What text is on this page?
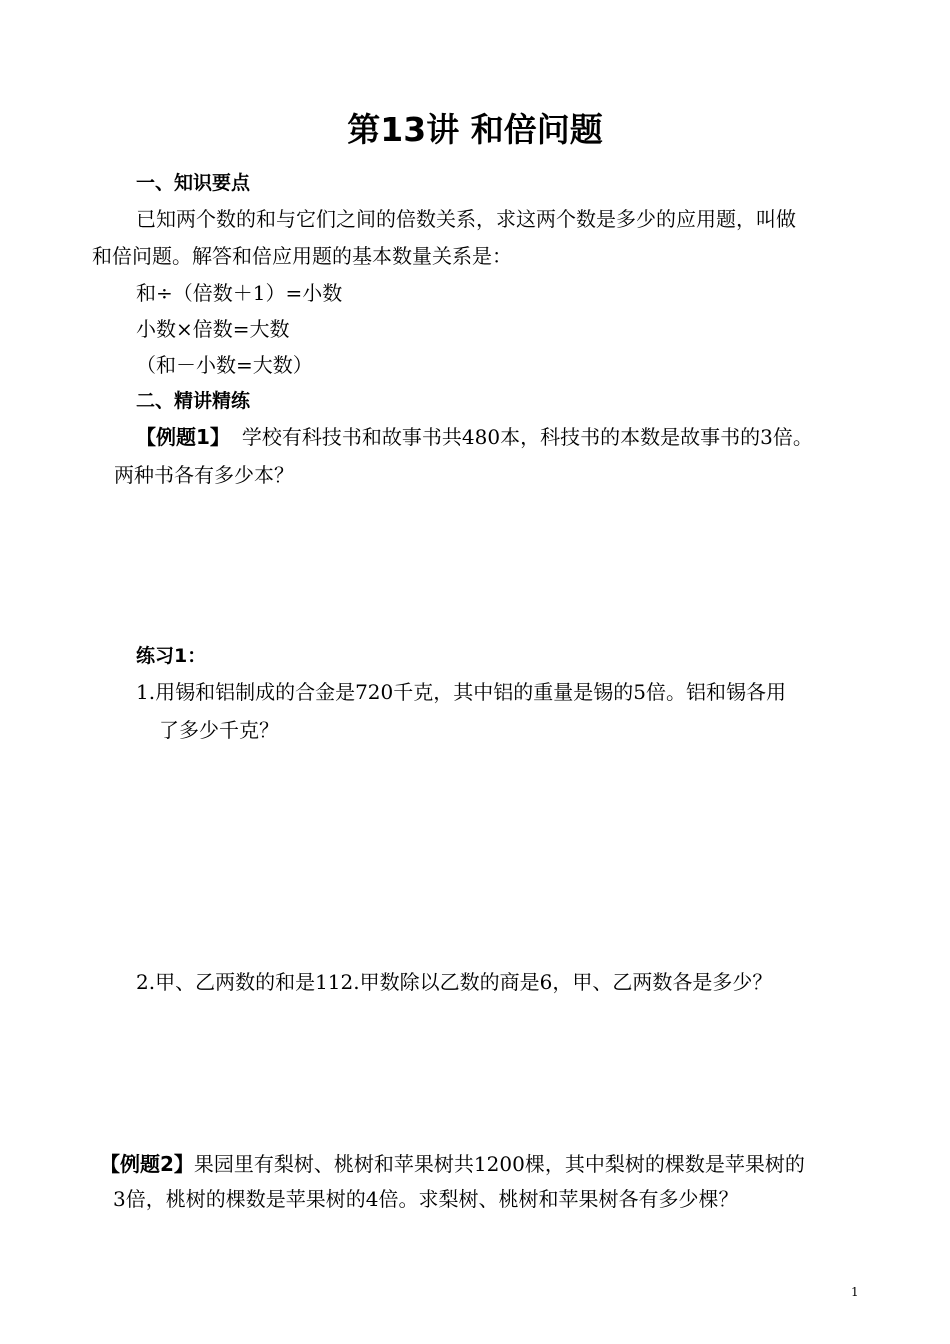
第13讲 和倍问题
一、知识要点
已知两个数的和与它们之间的倍数关系，求这两个数是多少的应用题，叫做
和倍问题。解答和倍应用题的基本数量关系是：
和÷（倍数＋1）=小数
小数×倍数=大数
（和－小数=大数）
二、精讲精练
【例题1】 学校有科技书和故事书共480本，科技书的本数是故事书的3倍。
两种书各有多少本？
练习1：
1.用锡和铝制成的合金是720千克，其中铝的重量是锡的5倍。铝和锡各用
了多少千克？
2.甲、乙两数的和是112.甲数除以乙数的商是6，甲、乙两数各是多少？
【例题2】果园里有梨树、桃树和苹果树共1200棵，其中梨树的棵数是苹果树的
3倍，桃树的棵数是苹果树的4倍。求梨树、桃树和苹果树各有多少棵？
1
